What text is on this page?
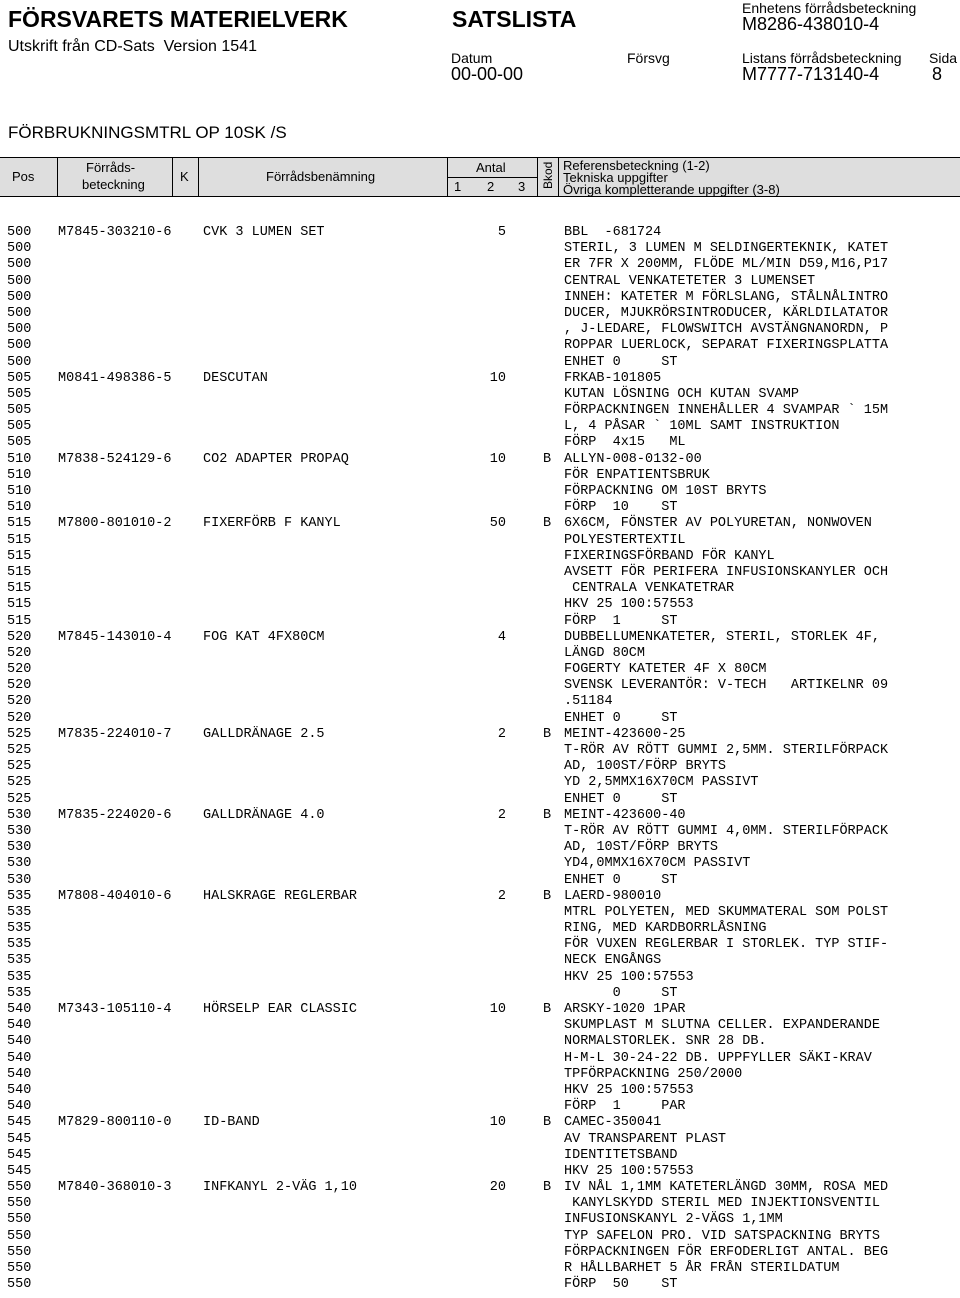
FÖRSVARETS MATERIELVERK	SATSLISTA
Utskrift från CD-Sats  Version 1541
Enhetens förrådsbeteckning
M8286-438010-4
Datum	Försvg	Listans förrådsbeteckning Sida
00-00-00	M7777-713140-4	8
FÖRBRUKNINGSMTRL OP 10SK /S
Pos
Förråds-
beteckning
K	Förrådsbenämning
Antal
1 2 3 Bkod Referensbeteckning (1-2)
Tekniska uppgifter
Övriga kompletterande uppgifter (3-8)
500 M7845-303210-6 CVK 3 LUMEN SET	5	BBL  -681724
500	STERIL, 3 LUMEN M SELDINGERTEKNIK, KATET
500	ER 7FR X 200MM, FLÖDE ML/MIN D59,M16,P17
500	CENTRAL VENKATETETER 3 LUMENSET
500	INNEH: KATETER M FÖRLSLANG, STÅLNÅLINTRO
500	DUCER, MJUKRÖRSINTRODUCER, KÄRLDILATATOR
500	, J-LEDARE, FLOWSWITCH AVSTÄNGNANORDN, P
500	ROPPAR LUERLOCK, SEPARAT FIXERINGSPLATTA
500	ENHET 0     ST
505 M0841-498386-5 DESCUTAN	10	FRKAB-101805
505	KUTAN LÖSNING OCH KUTAN SVAMP
505	FÖRPACKNINGEN INNEHÅLLER 4 SVAMPAR ` 15M
505	L, 4 PÅSAR ` 10ML SAMT INSTRUKTION
505	FÖRP  4x15   ML
510 M7838-524129-6 CO2 ADAPTER PROPAQ	10	B ALLYN-008-0132-00
510	FÖR ENPATIENTSBRUK
510	FÖRPACKNING OM 10ST BRYTS
510	FÖRP  10    ST
515 M7800-801010-2 FIXERFÖRB F KANYL	50	B 6X6CM, FÖNSTER AV POLYURETAN, NONWOVEN
515	POLYESTERTEXTIL
515	FIXERINGSFÖRBAND FÖR KANYL
515	AVSETT FÖR PERIFERA INFUSIONSKANYLER OCH
515	CENTRALA VENKATETRAR
515	HKV 25 100:57553
515	FÖRP  1     ST
520 M7845-143010-4 FOG KAT 4FX80CM	4	DUBBELLUMENKATETER, STERIL, STORLEK 4F,
520	LÄNGD 80CM
520	FOGERTY KATETER 4F X 80CM
520	SVENSK LEVERANTÖR: V-TECH   ARTIKELNR 09
520	.51184
520	ENHET 0     ST
525 M7835-224010-7 GALLDRÄNAGE 2.5	2	B MEINT-423600-25
525	T-RÖR AV RÖTT GUMMI 2,5MM. STERILFÖRPACK
525	AD, 100ST/FÖRP BRYTS
525	YD 2,5MMX16X70CM PASSIVT
525	ENHET 0     ST
530 M7835-224020-6 GALLDRÄNAGE 4.0	2	B MEINT-423600-40
530	T-RÖR AV RÖTT GUMMI 4,0MM. STERILFÖRPACK
530	AD, 10ST/FÖRP BRYTS
530	YD4,0MMX16X70CM PASSIVT
530	ENHET 0     ST
535 M7808-404010-6 HALSKRAGE REGLERBAR	2	B LAERD-980010
535	MTRL POLYETEN, MED SKUMMATERAL SOM POLST
535	RING, MED KARDBORRLÅSNING
535	FÖR VUXEN REGLERBAR I STORLEK. TYP STIF-
535	NECK ENGÅNGS
535	HKV 25 100:57553
535	0     ST
540 M7343-105110-4 HÖRSELP EAR CLASSIC	10	B ARSKY-1020 1PAR
540	SKUMPLAST M SLUTNA CELLER. EXPANDERANDE
540	NORMALSTORLEK. SNR 28 DB.
540	H-M-L 30-24-22 DB. UPPFYLLER SÄKI-KRAV
540	TPFÖRPACKNING 250/2000
540	HKV 25 100:57553
540	FÖRP  1     PAR
545 M7829-800110-0 ID-BAND	10	B CAMEC-350041
545	AV TRANSPARENT PLAST
545	IDENTITETSBAND
545	HKV 25 100:57553
550 M7840-368010-3 INFKANYL 2-VÄG 1,10	20	B IV NÅL 1,1MM KATETERLÄNGD 30MM, ROSA MED
550	KANYLSKYDD STERIL MED INJEKTIONSVENTIL
550	INFUSIONSKANYL 2-VÄGS 1,1MM
550	TYP SAFELON PRO. VID SATSPACKNING BRYTS
550	FÖRPACKNINGEN FÖR ERFODERLIGT ANTAL. BEG
550	R HÅLLBARHET 5 ÅR FRÅN STERILDATUM
550	FÖRP  50    ST
